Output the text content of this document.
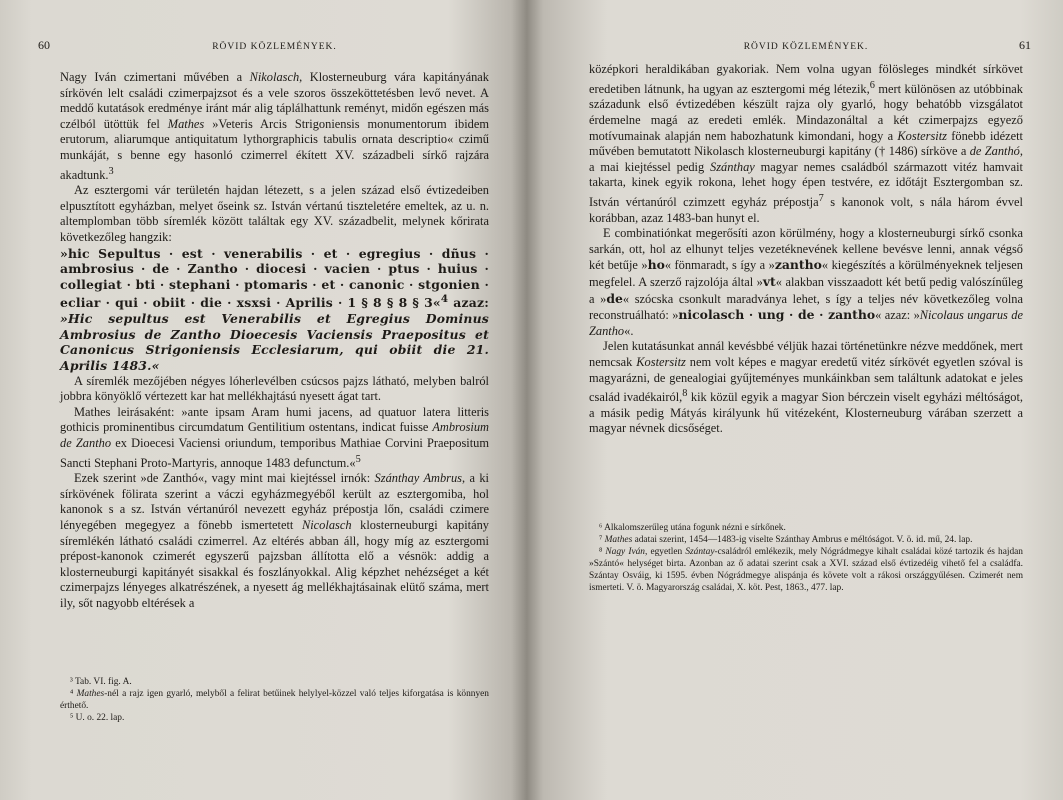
60	RÖVID KÖZLEMÉNYEK.

Nagy Iván czimertani művében a Nikolasch, Klosterneuburg vára kapitányának sírkövén lelt családi czimerpajzsot és a vele szoros összeköttetésben levő nevet. A meddő kutatások eredménye iránt már alig táplálhattunk reményt, midőn egészen más czélból ütöttük fel Mathes »Veteris Arcis Strigoniensis monumentorum ibidem erutorum, aliarumque antiquitatum lythorgraphicis tabulis ornata descriptio« czimű munkáját, s benne egy hasonló czimerrel ékített XV. századbeli sírkő rajzára akadtunk.$^3$

Az esztergomi vár területén hajdan létezett, s a jelen század első évtizedeiben elpusztított egyházban, melyet őseink sz. István vértanú tiszteletére emeltek, az u. n. altemplomban több síremlék között találtak egy XV. századbelit, melynek kőrirata következőleg hangzik:

»hic Sepultus · est · venerabilis · et · egregius · dñus · ambrosius · de · Zantho · diocesi · vacien · ptus · huius · collegiat · bti · stephani · ptomaris · et · canonic · stgonien · ecliar · qui · obiit · die · xsxsi · Aprilis · 1 § 8 § 8 § 3«$^4$ azaz: »Hic sepultus est Venerabilis et Egregius Dominus Ambrosius de Zantho Dioecesis Vaciensis Praepositus et Canonicus Strigoniensis Ecclesiarum, qui obiit die 21. Aprilis 1483.«

A síremlék mezőjében négyes lóherlevélben csúcsos pajzs látható, melyben balról jobbra könyöklő vértezett kar hat mellékhajtású nyesett ágat tart.

Mathes leirásaként: »ante ipsam Aram humi jacens, ad quatuor latera litteris gothicis prominentibus circumdatum Gentilitium ostentans, indicat fuisse Ambrosium de Zantho ex Dioecesi Vaciensi oriundum, temporibus Mathiae Corvini Praepositum Sancti Stephani Proto-Martyris, annoque 1483 defunctum.«$^5$

Ezek szerint »de Zanthó«, vagy mint mai kiejtéssel irnók: Szánthay Ambrus, a ki sírkövének fölirata szerint a váczi egyházmegyéből került az esztergomiba, hol kanonok s a sz. István vértanúról nevezett egyház prépostja lőn, családi czimere lényegében megegyez a fönebb ismertetett Nicolasch klosterneuburgi kapitány síremlékén látható családi czimerrel. Az eltérés abban áll, hogy míg az esztergomi prépost-kanonok czimerét egyszerű pajzsban állította elő a vésnök: addig a klosterneuburgi kapitányét sisakkal és foszlányokkal. Alig képzhet nehézséget a két czimerpajzs lényeges alkatrészének, a nyesett ág mellékhajtásainak elütő száma, mert ily, sőt nagyobb eltérések a

³ Tab. VI. fig. A.

⁴ Mathes-nél a rajz igen gyarló, melyből a felirat betűinek helylyel-közzel való teljes kiforgatása is könnyen érthető.

⁵ U. o. 22. lap.

RÖVID KÖZLEMÉNYEK.	61

középkori heraldikában gyakoriak. Nem volna ugyan fölösleges mindkét sírkövet eredetiben látnunk, ha ugyan az esztergomi még létezik,$^6$ mert különösen az utóbbinak századunk első évtizedében készült rajza oly gyarló, hogy behatóbb vizsgálatot érdemelne magá az eredeti emlék. Mindazonáltal a két czimerpajzs egyező motívumainak alapján nem habozhatunk kimondani, hogy a Kostersitz fönebb idézett művében bemutatott Nikolasch klosterneuburgi kapitány († 1486) sírköve a de Zanthó, a mai kiejtéssel pedig Szánthay magyar nemes családból származott vitéz hamvait takarta, kinek egyik rokona, lehet hogy épen testvére, ez időtájt Esztergomban sz. István vértanúról czimzett egyház prépostja$^7$ s kanonok volt, s nála három évvel korábban, azaz 1483-ban hunyt el.

E combinatiónkat megerősíti azon körülmény, hogy a klosterneuburgi sírkő csonka sarkán, ott, hol az elhunyt teljes vezetéknevének kellene bevésve lenni, annak végső két betűje »ho« fönmaradt, s így a »zantho« kiegészítés a körülményeknek teljesen megfelel. A szerző rajzolója által »vt« alakban visszaadott két betű pedig valószínűleg a »de« szócska csonkult maradványa lehet, s így a teljes név következőleg volna reconstruálható: »nicolasch · ung · de · zantho« azaz: »Nicolaus ungarus de Zantho«.

Jelen kutatásunkat annál kevésbbé véljük hazai történetünkre nézve meddőnek, mert nemcsak Kostersitz nem volt képes e magyar eredetű vitéz sírkövét egyetlen szóval is magyarázni, de genealogiai gyűjteményes munkáinkban sem találtunk adatokat e jeles család ivadékairól,$^8$ kik közül egyik a magyar Sion bérczein viselt egyházi méltóságot, a másik pedig Mátyás királyunk hű vitézeként, Klosterneuburg várában szerzett a magyar névnek dicsőséget.

⁶ Alkalomszerűleg utána fogunk nézni e sírkőnek.

⁷ Mathes adatai szerint, 1454—1483-ig viselte Szánthay Ambrus e méltóságot. V. ö. id. mű, 24. lap.

⁸ Nagy Iván, egyetlen Szántay-családról emlékezik, mely Nógrádmegye kihalt családai közé tartozik és hajdan »Szántó« helységet birta. Azonban az ő adatai szerint csak a XVI. század első évtizedéig vihető fel a családfa. Szántay Osváig, ki 1595. évben Nógrádmegye alispánja és követe volt a rákosi országgyűlésen. Czimerét nem ismerteti. V. ö. Magyarország családai, X. köt. Pest, 1863., 477. lap.
